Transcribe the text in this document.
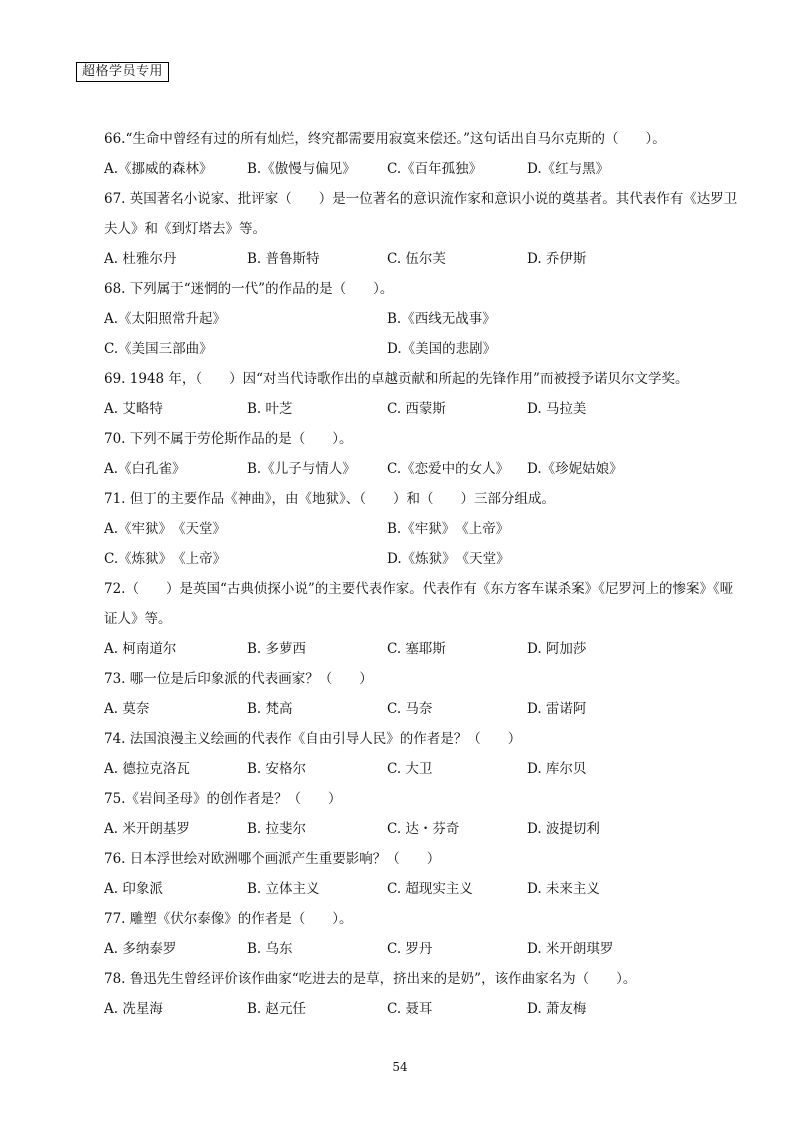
超格学员专用
66.“生命中曾经有过的所有灿烂，终究都需要用寂寞来偿还。”这句话出自马尔克斯的（　　）。
A.《挪威的森林》	B.《傲慢与偏见》 C.《百年孤独》	D.《红与黑》
67. 英国著名小说家、批评家（　　）是一位著名的意识流作家和意识小说的奠基者。其代表作有《达罗卫夫人》和《到灯塔去》等。
A. 杜雅尔丹	B. 普鲁斯特	C. 伍尔芙	D. 乔伊斯
68. 下列属于“迷惘的一代”的作品的是（　　）。
A.《太阳照常升起》	B.《西线无战事》
C.《美国三部曲》	D.《美国的悲剧》
69. 1948 年，（　　）因“对当代诗歌作出的卓越贡献和所起的先锋作用”而被授予诺贝尔文学奖。
A. 艾略特	B. 叶芝	C. 西蒙斯	D. 马拉美
70. 下列不属于劳伦斯作品的是（　　）。
A.《白孔雀》	B.《儿子与情人》 C.《恋爱中的女人》 D.《珍妮姑娘》
71. 但丁的主要作品《神曲》，由《地狱》、（　　）和（　　）三部分组成。
A.《牢狱》　《天堂》	B.《牢狱》　《上帝》
C.《炼狱》　《上帝》	D.《炼狱》　《天堂》
72.（　　）是英国“古典侦探小说”的主要代表作家。代表作有《东方客车谋杀案》《尼罗河上的惨案》《哑证人》等。
A. 柯南道尔	B. 多萝西	C. 塞耶斯	D. 阿加莎
73. 哪一位是后印象派的代表画家？（　　）
A. 莫奈	B. 梵高	C. 马奈	D. 雷诺阿
74. 法国浪漫主义绘画的代表作《自由引导人民》的作者是？（　　）
A. 德拉克洛瓦	B. 安格尔	C. 大卫	D. 库尔贝
75.《岩间圣母》的创作者是？（　　）
A. 米开朗基罗	B. 拉斐尔	C. 达・芬奇	D. 波提切利
76. 日本浮世绘对欧洲哪个画派产生重要影响？（　　）
A. 印象派	B. 立体主义	C. 超现实主义	D. 未来主义
77. 雕塑《伏尔泰像》的作者是（　　）。
A. 多纳泰罗	B. 乌东	C. 罗丹	D. 米开朗琪罗
78. 鲁迅先生曾经评价该作曲家“吃进去的是草，挤出来的是奶”，该作曲家名为（　　）。
A. 冼星海	B. 赵元任	C. 聂耳	D. 萧友梅
54
